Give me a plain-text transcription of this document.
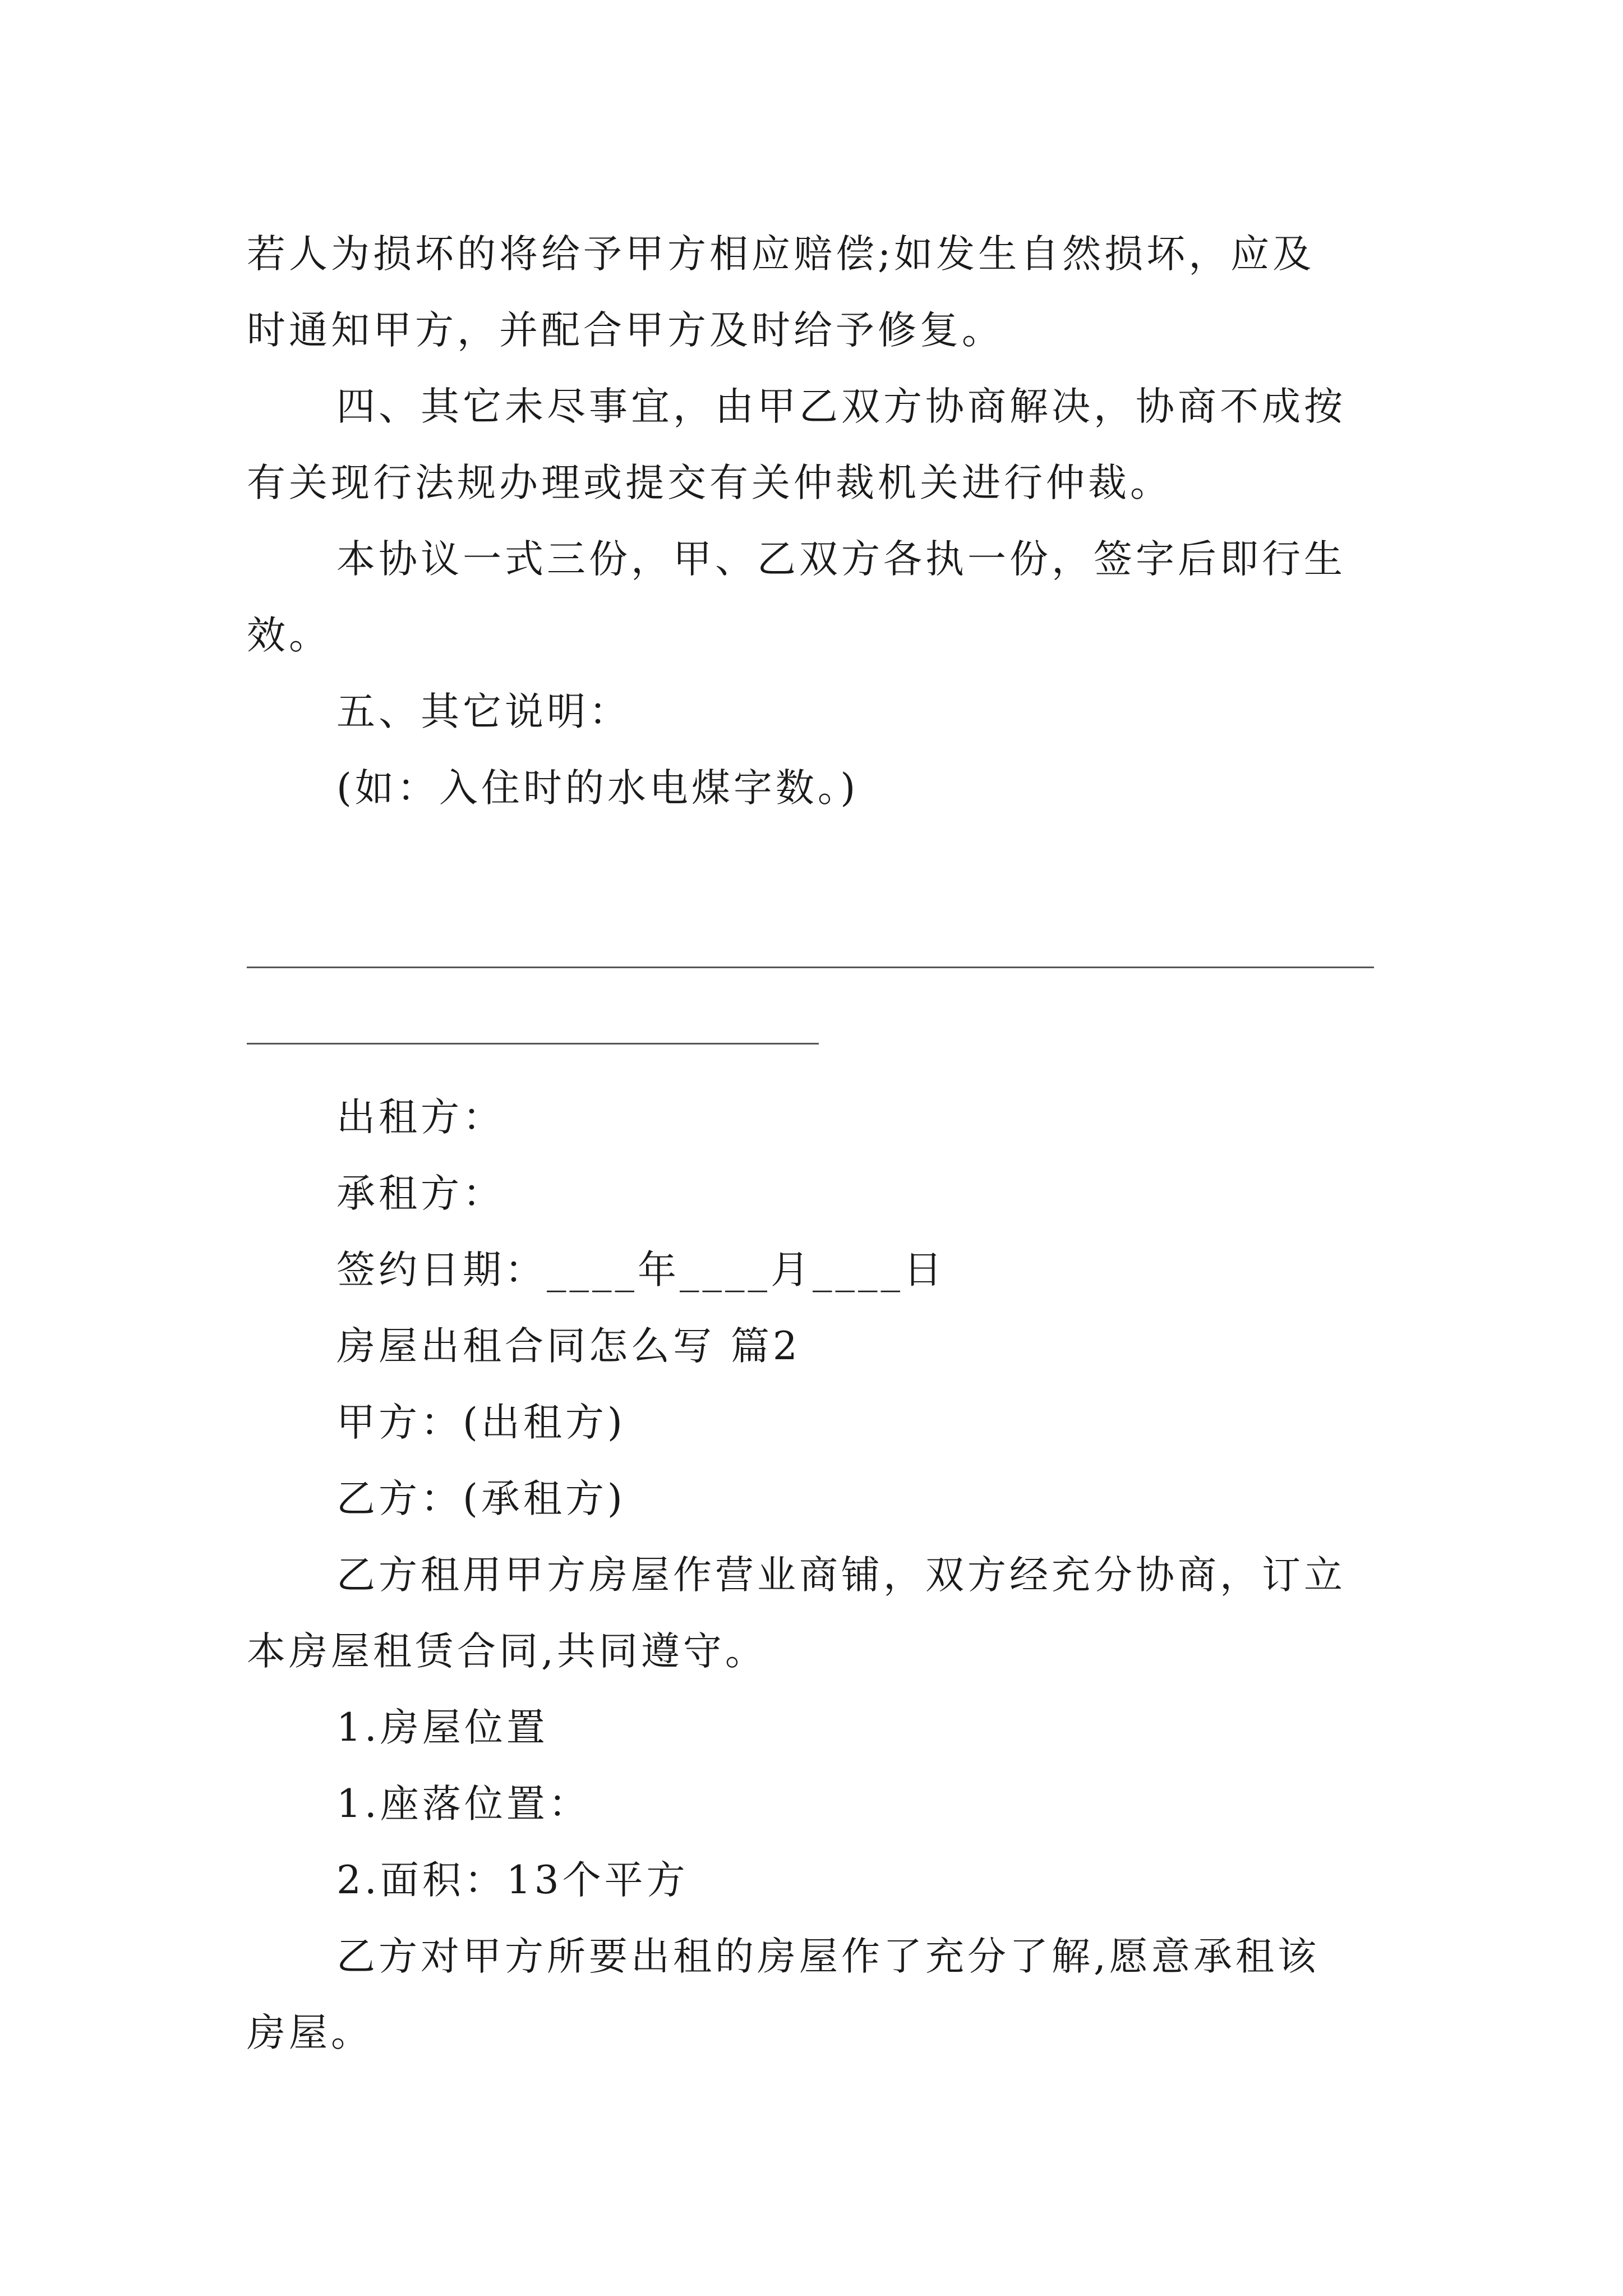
若人为损坏的将给予甲方相应赔偿;如发生自然损坏，应及
时通知甲方，并配合甲方及时给予修复。
四、其它未尽事宜，由甲乙双方协商解决，协商不成按
有关现行法规办理或提交有关仲裁机关进行仲裁。
本协议一式三份，甲、乙双方各执一份，签字后即行生
效。
五、其它说明：
(如：入住时的水电煤字数。)
出租方：
承租方：
签约日期：____年____月____日
房屋出租合同怎么写 篇2
甲方：(出租方)
乙方：(承租方)
乙方租用甲方房屋作营业商铺，双方经充分协商，订立
本房屋租赁合同,共同遵守。
1.房屋位置
1.座落位置：
2.面积：13个平方
乙方对甲方所要出租的房屋作了充分了解,愿意承租该
房屋。
